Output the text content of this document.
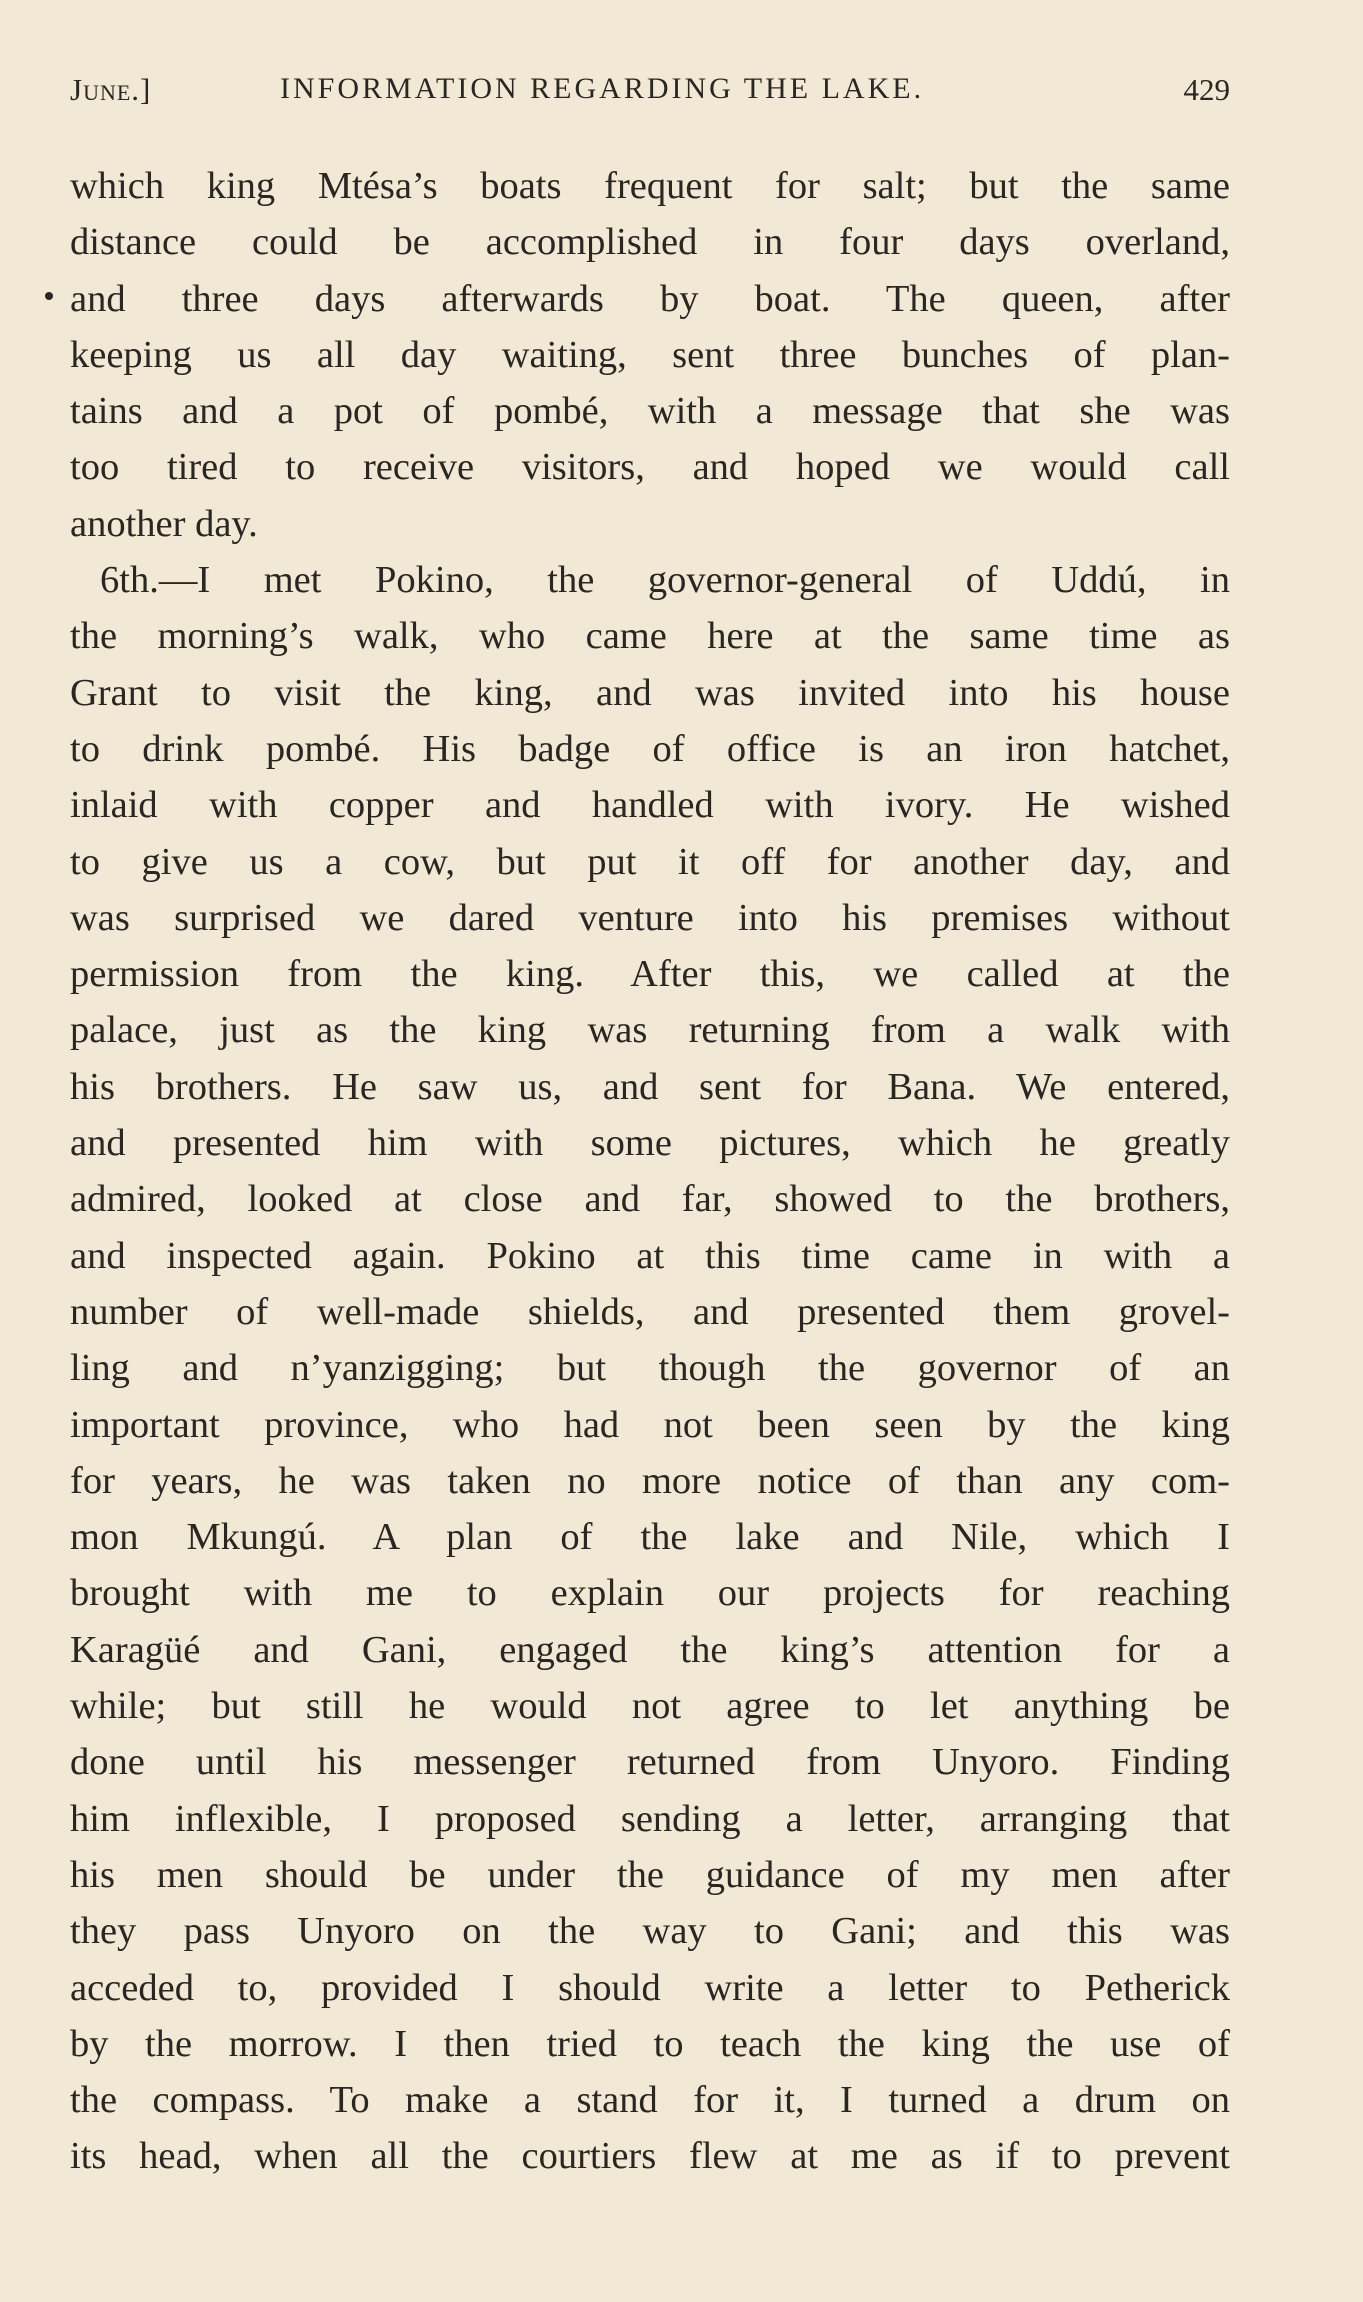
June.]	INFORMATION REGARDING THE LAKE.	429
which king Mtésa’s boats frequent for salt; but the same
distance could be accomplished in four days overland,
and three days afterwards by boat. The queen, after
keeping us all day waiting, sent three bunches of plan-
tains and a pot of pombé, with a message that she was
too tired to receive visitors, and hoped we would call
another day.
6th.—I met Pokino, the governor-general of Uddú, in
the morning’s walk, who came here at the same time as
Grant to visit the king, and was invited into his house
to drink pombé. His badge of office is an iron hatchet,
inlaid with copper and handled with ivory. He wished
to give us a cow, but put it off for another day, and
was surprised we dared venture into his premises without
permission from the king. After this, we called at the
palace, just as the king was returning from a walk with
his brothers. He saw us, and sent for Bana. We entered,
and presented him with some pictures, which he greatly
admired, looked at close and far, showed to the brothers,
and inspected again. Pokino at this time came in with a
number of well-made shields, and presented them grovel-
ling and n’yanzigging; but though the governor of an
important province, who had not been seen by the king
for years, he was taken no more notice of than any com-
mon Mkungú. A plan of the lake and Nile, which I
brought with me to explain our projects for reaching
Karagüé and Gani, engaged the king’s attention for a
while; but still he would not agree to let anything be
done until his messenger returned from Unyoro. Finding
him inflexible, I proposed sending a letter, arranging that
his men should be under the guidance of my men after
they pass Unyoro on the way to Gani; and this was
acceded to, provided I should write a letter to Petherick
by the morrow. I then tried to teach the king the use of
the compass. To make a stand for it, I turned a drum on
its head, when all the courtiers flew at me as if to prevent
